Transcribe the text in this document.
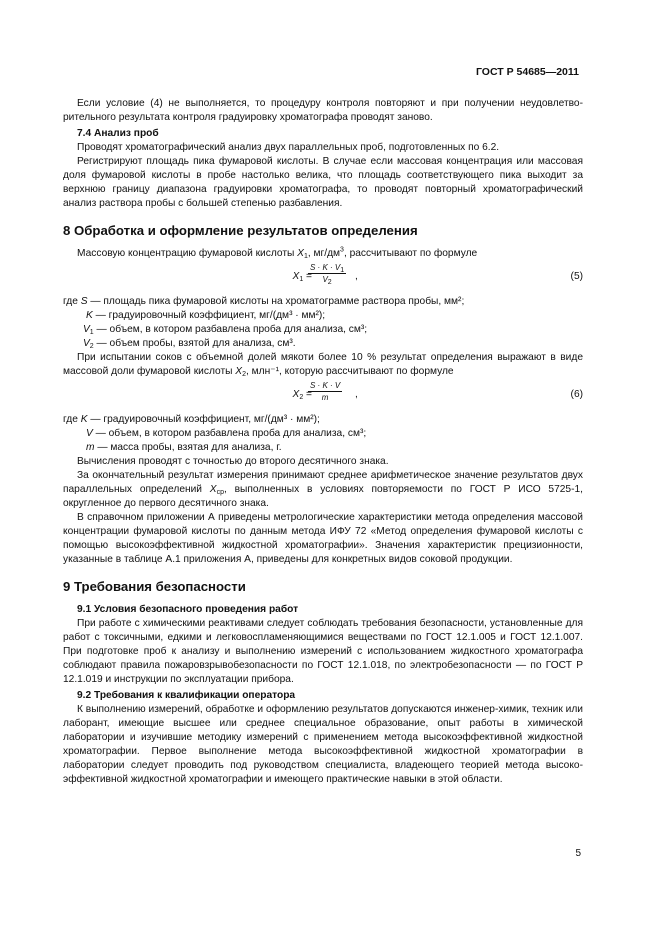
ГОСТ Р 54685—2011

Если условие (4) не выполняется, то процедуру контроля повторяют и при получении неудовлетворительного результата контроля градуировку хроматографа проводят заново.

7.4 Анализ проб

Проводят хроматографический анализ двух параллельных проб, подготовленных по 6.2.

Регистрируют площадь пика фумаровой кислоты. В случае если массовая концентрация или массовая доля фумаровой кислоты в пробе настолько велика, что площадь соответствующего пика выходит за верхнюю границу диапазона градуировки хроматографа, то проводят повторный хроматографический анализ раствора пробы с большей степенью разбавления.

8 Обработка и оформление результатов определения

Массовую концентрацию фумаровой кислоты $X_1$, $мг/дм^3$, рассчитывают по формуле

$X_1$ =
$\frac{S \cdot K \cdot V_1}{V_2}$ ,	(5)

где S — площадь пика фумаровой кислоты на хроматограмме раствора пробы, мм²;

K — градуировочный коэффициент, мг/(дм³ · мм²);

$V_1$ — объем, в котором разбавлена проба для анализа, см³;

$V_2$ — объем пробы, взятой для анализа, см³.

При испытании соков с объемной долей мякоти более 10 % результат определения выражают в виде массовой доли фумаровой кислоты $X_2$, млн⁻¹, которую рассчитывают по формуле

$X_2$ =
$\frac{S \cdot K \cdot V}{m}$ ,	(6)

где K — градуировочный коэффициент, мг/(дм³ · мм²);

V — объем, в котором разбавлена проба для анализа, см³;

m — масса пробы, взятая для анализа, г.

Вычисления проводят с точностью до второго десятичного знака.

За окончательный результат измерения принимают среднее арифметическое значение результатов двух параллельных определений $X_{ср}$, выполненных в условиях повторяемости по ГОСТ Р ИСО 5725-1, округленное до первого десятичного знака.

В справочном приложении А приведены метрологические характеристики метода определения массовой концентрации фумаровой кислоты по данным метода ИФУ 72 «Метод определения фумаровой кислоты с помощью высокоэффективной жидкостной хроматографии». Значения характеристик прецизионности, указанные в таблице А.1 приложения А, приведены для конкретных видов соковой продукции.

9 Требования безопасности

9.1 Условия безопасного проведения работ

При работе с химическими реактивами следует соблюдать требования безопасности, установленные для работ с токсичными, едкими и легковоспламеняющимися веществами по ГОСТ 12.1.005 и ГОСТ 12.1.007. При подготовке проб к анализу и выполнению измерений с использованием жидкостного хроматографа соблюдают правила пожаровзрывобезопасности по ГОСТ 12.1.018, по электробезопасности — по ГОСТ Р 12.1.019 и инструкции по эксплуатации прибора.

9.2 Требования к квалификации оператора

К выполнению измерений, обработке и оформлению результатов допускаются инженер-химик, техник или лаборант, имеющие высшее или среднее специальное образование, опыт работы в химической лаборатории и изучившие методику измерений с применением метода высокоэффективной жидкостной хроматографии. Первое выполнение метода высокоэффективной жидкостной хроматографии в лаборатории следует проводить под руководством специалиста, владеющего теорией метода высокоэффективной жидкостной хроматографии и имеющего практические навыки в этой области.

5
